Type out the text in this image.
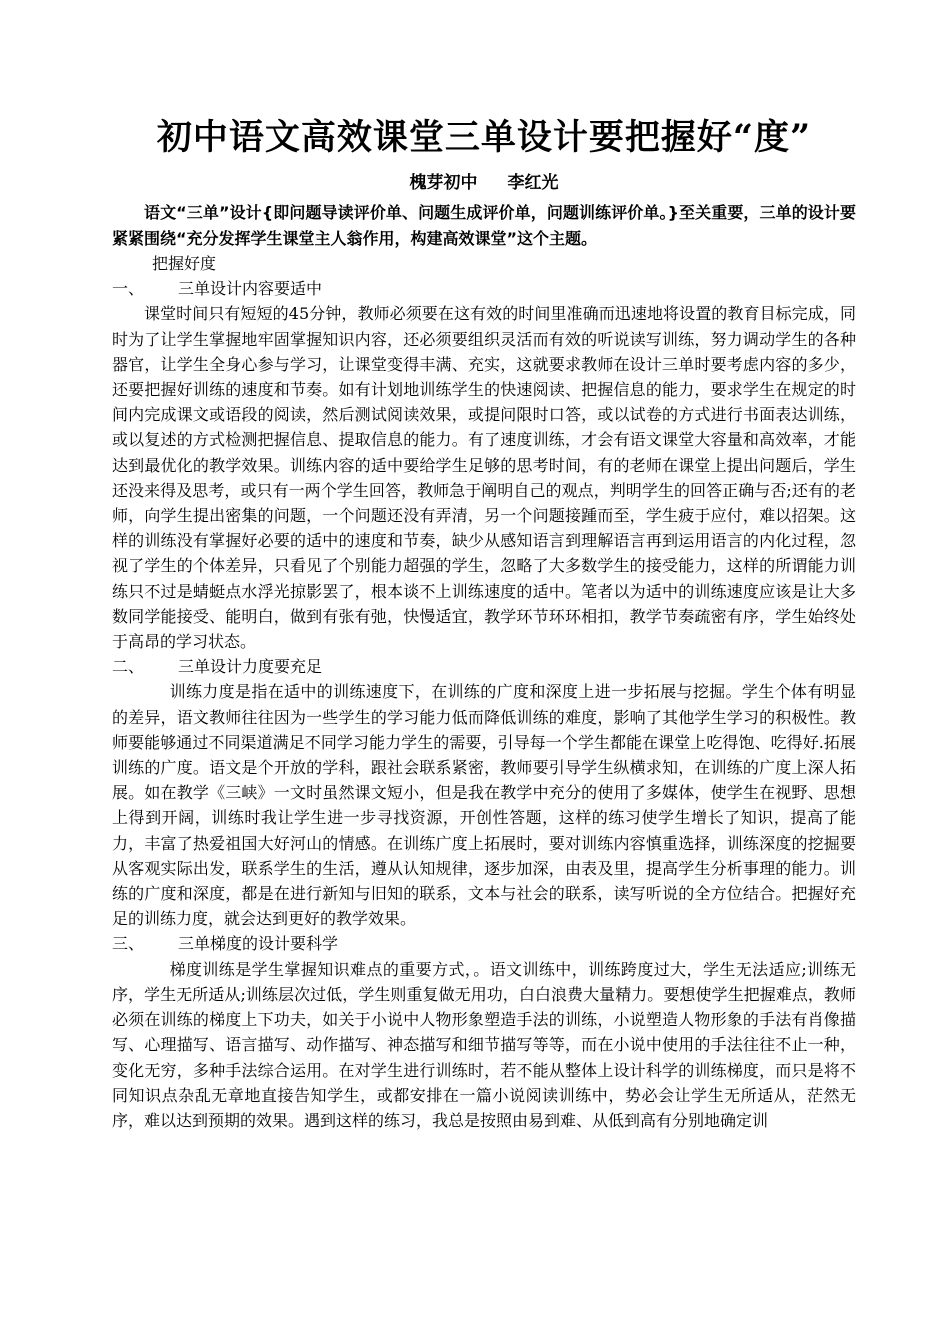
初中语文高效课堂三单设计要把握好“度”
槐芽初中 李红光

语文“三单”设计{即问题导读评价单、问题生成评价单，问题训练评价单。}至关重要，三单的设计要紧紧围绕“充分发挥学生课堂主人翁作用，构建高效课堂”这个主题。

把握好度

一、 三单设计内容要适中

课堂时间只有短短的45分钟，教师必须要在这有效的时间里准确而迅速地将设置的教育目标完成，同时为了让学生掌握地牢固掌握知识内容，还必须要组织灵活而有效的听说读写训练，努力调动学生的各种器官，让学生全身心参与学习，让课堂变得丰满、充实，这就要求教师在设计三单时要考虑内容的多少，还要把握好训练的速度和节奏。如有计划地训练学生的快速阅读、把握信息的能力，要求学生在规定的时间内完成课文或语段的阅读，然后测试阅读效果，或提问限时口答，或以试卷的方式进行书面表达训练，或以复述的方式检测把握信息、提取信息的能力。有了速度训练，才会有语文课堂大容量和高效率，才能达到最优化的教学效果。训练内容的适中要给学生足够的思考时间，有的老师在课堂上提出问题后，学生还没来得及思考，或只有一两个学生回答，教师急于阐明自己的观点，判明学生的回答正确与否;还有的老师，向学生提出密集的问题，一个问题还没有弄清，另一个问题接踵而至，学生疲于应付，难以招架。这样的训练没有掌握好必要的适中的速度和节奏，缺少从感知语言到理解语言再到运用语言的内化过程，忽视了学生的个体差异，只看见了个别能力超强的学生，忽略了大多数学生的接受能力，这样的所谓能力训练只不过是蜻蜓点水浮光掠影罢了，根本谈不上训练速度的适中。笔者以为适中的训练速度应该是让大多数同学能接受、能明白，做到有张有弛，快慢适宜，教学环节环环相扣，教学节奏疏密有序，学生始终处于高昂的学习状态。

二、 三单设计力度要充足

训练力度是指在适中的训练速度下，在训练的广度和深度上进一步拓展与挖掘。学生个体有明显的差异，语文教师往往因为一些学生的学习能力低而降低训练的难度，影响了其他学生学习的积极性。教师要能够通过不同渠道满足不同学习能力学生的需要，引导每一个学生都能在课堂上吃得饱、吃得好.拓展训练的广度。语文是个开放的学科，跟社会联系紧密，教师要引导学生纵横求知，在训练的广度上深人拓展。如在教学《三峡》一文时虽然课文短小，但是我在教学中充分的使用了多媒体，使学生在视野、思想上得到开阔，训练时我让学生进一步寻找资源，开创性答题，这样的练习使学生增长了知识，提高了能力，丰富了热爱祖国大好河山的情感。在训练广度上拓展时，要对训练内容慎重选择，训练深度的挖掘要从客观实际出发，联系学生的生活，遵从认知规律，逐步加深，由表及里，提高学生分析事理的能力。训练的广度和深度，都是在进行新知与旧知的联系，文本与社会的联系，读写听说的全方位结合。把握好充足的训练力度，就会达到更好的教学效果。

三、 三单梯度的设计要科学

梯度训练是学生掌握知识难点的重要方式，。语文训练中，训练跨度过大，学生无法适应;训练无序，学生无所适从;训练层次过低，学生则重复做无用功，白白浪费大量精力。要想使学生把握难点，教师必须在训练的梯度上下功夫，如关于小说中人物形象塑造手法的训练，小说塑造人物形象的手法有肖像描写、心理描写、语言描写、动作描写、神态描写和细节描写等等，而在小说中使用的手法往往不止一种，变化无穷，多种手法综合运用。在对学生进行训练时，若不能从整体上设计科学的训练梯度，而只是将不同知识点杂乱无章地直接告知学生，或都安排在一篇小说阅读训练中，势必会让学生无所适从，茫然无序，难以达到预期的效果。遇到这样的练习，我总是按照由易到难、从低到高有分别地确定训
